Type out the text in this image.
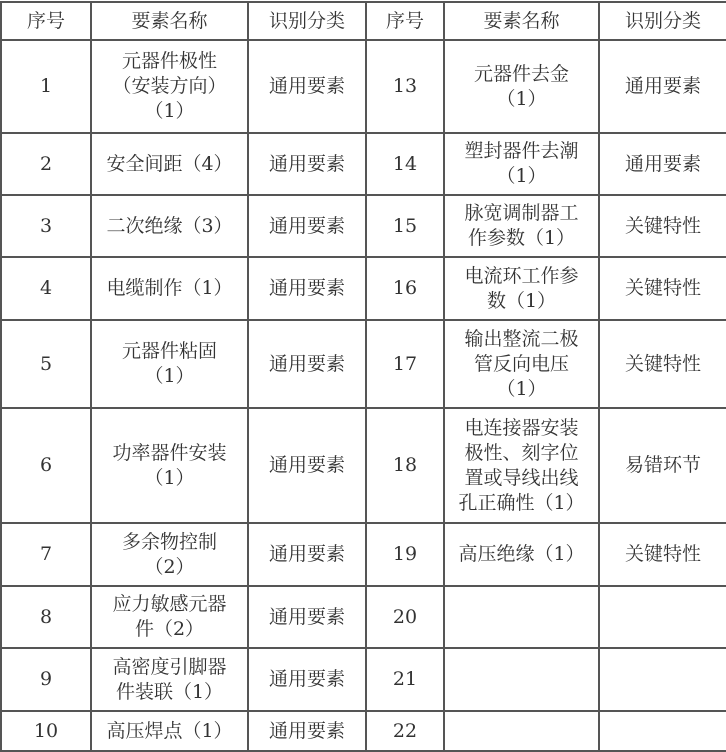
序号	要素名称	识别分类	序号	要素名称	识别分类
1	元器件极性
（安装方向）
（1）	通用要素	13	元器件去金
（1）	通用要素
2	安全间距（4）	通用要素	14	塑封器件去潮
（1）	通用要素
3	二次绝缘（3）	通用要素	15	脉宽调制器工
作参数（1）	关键特性
4	电缆制作（1）	通用要素	16	电流环工作参
数（1）	关键特性
5	元器件粘固
（1）	通用要素	17	输出整流二极
管反向电压
（1）	关键特性
6	功率器件安装
（1）	通用要素	18	电连接器安装
极性、刻字位
置或导线出线
孔正确性（1）	易错环节
7	多余物控制
（2）	通用要素	19	高压绝缘（1）	关键特性
8	应力敏感元器
件（2）	通用要素	20		
9	高密度引脚器
件装联（1）	通用要素	21		
10	高压焊点（1）	通用要素	22		
